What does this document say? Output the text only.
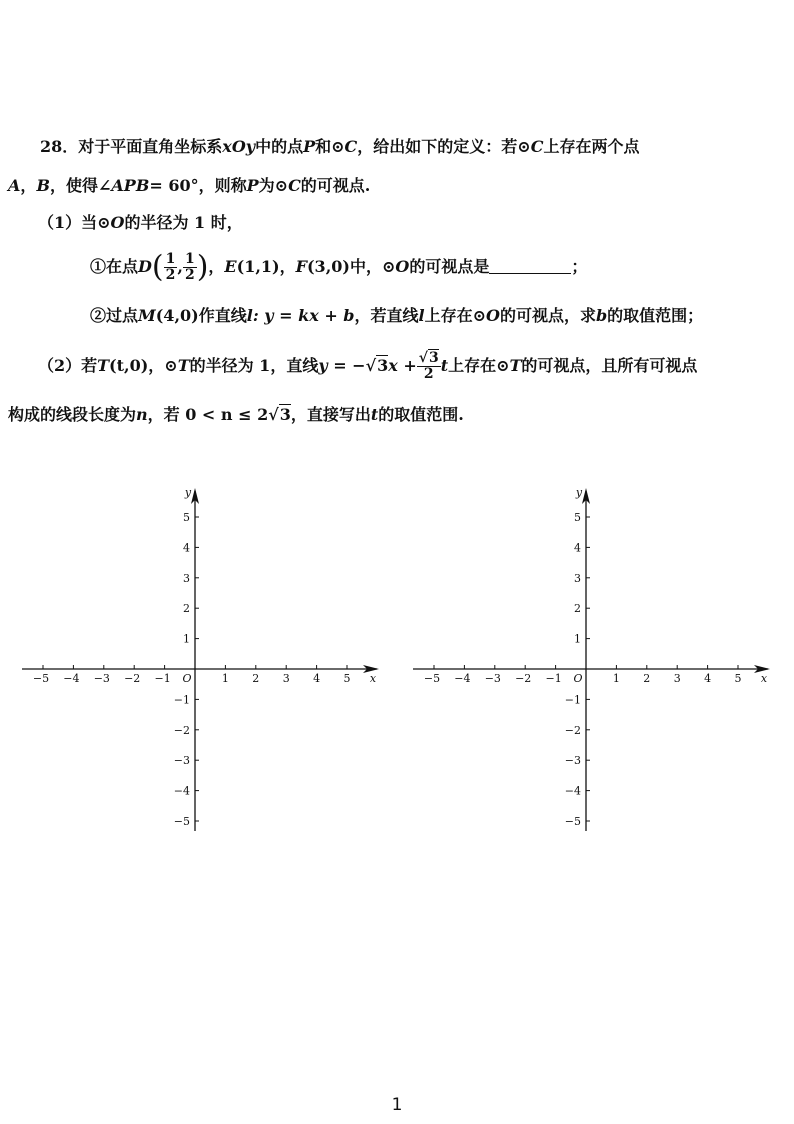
28．对于平面直角坐标系xOy中的点P和⊙C，给出如下的定义：若⊙C上存在两个点
A，B，使得∠APB= 60°，则称P为⊙C的可视点.
（1）当⊙O的半径为 1 时，
①在点$D( \frac{1}{2}$ , $\frac{1}{2}$ )，E(1,1)，F(3,0)中，⊙O的可视点是	；
②过点M(4,0)作直线l: y = kx + b，若直线l上存在⊙O的可视点，求b的取值范围；
（2）若T(t,0)，⊙T的半径为 1，直线$y = -√3x + \frac{√3}{2}$ t上存在⊙T的可视点，且所有可视点
构成的线段长度为n，若 0 < n ≤ 2√3，直接写出t的取值范围.
−5 −4 −3 −2 −1	1 2 3 4 5
5
4
3
2
1
−1
−2
−3
−4
−5
O	x
y
−5 −4 −3 −2 −1	1 2 3 4 5
5
4
3
2
1
−1
−2
−3
−4
−5
O	x
y
1
